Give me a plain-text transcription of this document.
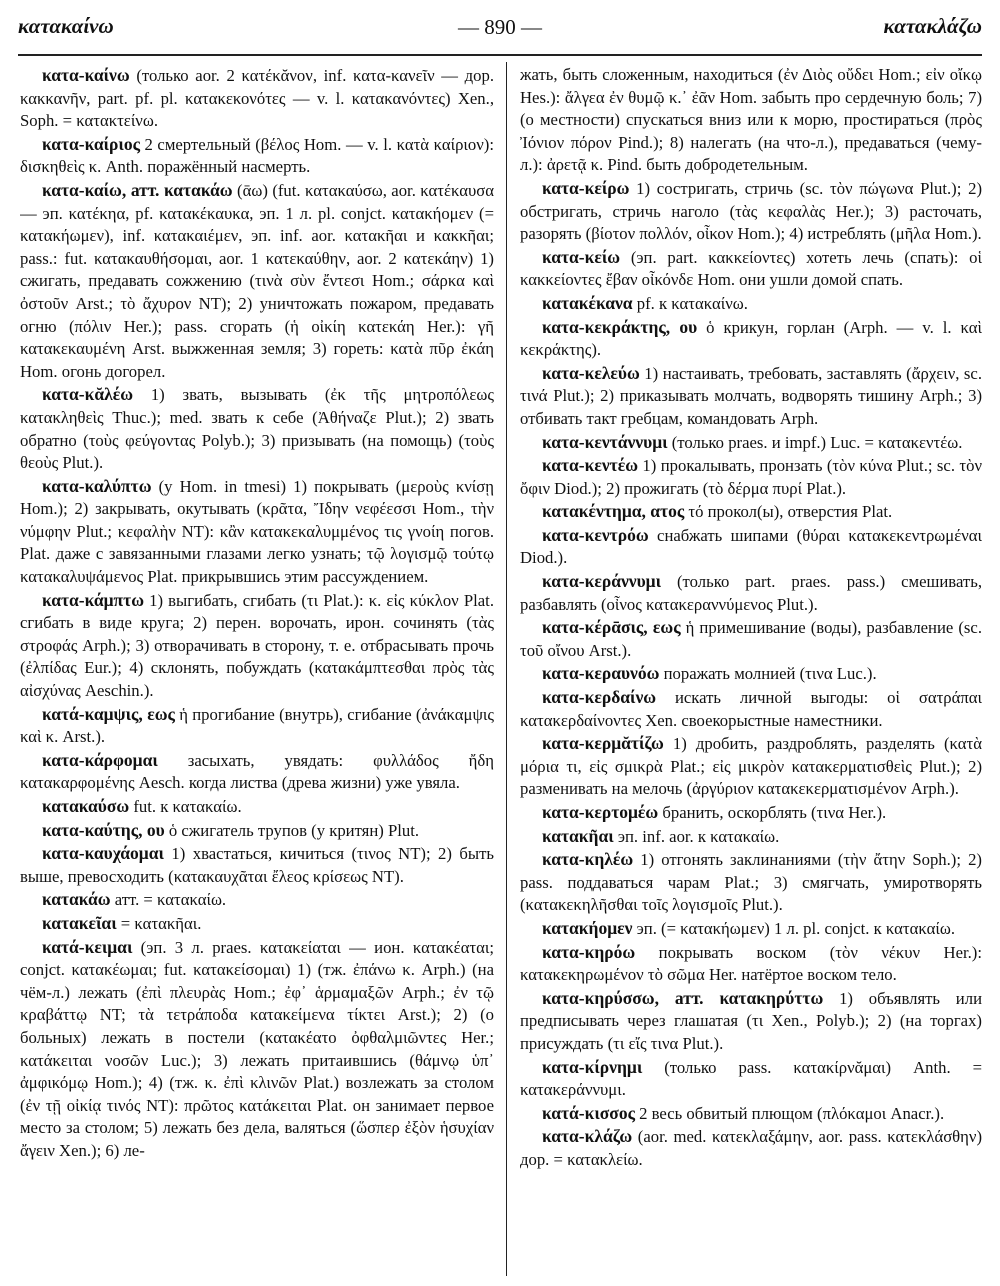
κατακαίνω	— 890 —	κατακλάζω

κατα-καίνω (только aor. 2 κατέκᾰνον, inf. κατα-κανεῖν — дор. κακκανῆν, part. pf. pl. κατακεκονότες — v. l. κατακανόντες) Xen., Soph. = κατακτείνω.

κατα-καίριος 2 смертельный (βέλος Hom. — v. l. κατὰ καίριον): δισκηθεὶς κ. Anth. поражённый насмерть.

κατα-καίω, атт. κατακάω (ᾱω) (fut. κατακαύσω, aor. κατέκαυσα — эп. κατέκηα, pf. κατακέκαυκα, эп. 1 л. pl. conjct. κατακήομεν (= κατακήωμεν), inf. κατακαιέμεν, эп. inf. aor. κατακῆαι и κακκῆαι; pass.: fut. κατακαυθήσομαι, aor. 1 κατεκαύθην, aor. 2 κατεκάην) 1) сжигать, предавать сожжению (τινὰ σὺν ἔντεσι Hom.; σάρκα καὶ ὀστοῦν Arst.; τὸ ἄχυρον NT); 2) уничтожать пожаром, предавать огню (πόλιν Her.); pass. сгорать (ἡ οἰκίη κατεκάη Her.): γῆ κατακεκαυμένη Arst. выжженная земля; 3) гореть: κατὰ πῦρ ἐκάη Hom. огонь догорел.

κατα-κᾰλέω 1) звать, вызывать (ἐκ τῆς μητροπόλεως κατακληθεὶς Thuc.); med. звать к себе (Ἀθήναζε Plut.); 2) звать обратно (τοὺς φεύγοντας Polyb.); 3) призывать (на помощь) (τοὺς θεοὺς Plut.).

κατα-καλύπτω (у Hom. in tmesi) 1) покрывать (μεροὺς κνίσῃ Hom.); 2) закрывать, окутывать (κρᾶτα, Ἴδην νεφέεσσι Hom., τὴν νύμφην Plut.; κεφαλὴν NT): κἂν κατακεκαλυμμένος τις γνοίη погов. Plat. даже с завязанными глазами легко узнать; τῷ λογισμῷ τούτῳ κατακαλυψάμενος Plat. прикрывшись этим рассуждением.

κατα-κάμπτω 1) выгибать, сгибать (τι Plat.): κ. εἰς κύκλον Plat. сгибать в виде круга; 2) перен. ворочать, ирон. сочинять (τὰς στροφάς Arph.); 3) отворачивать в сторону, т. е. отбрасывать прочь (ἐλπίδας Eur.); 4) склонять, побуждать (κατακάμπτεσθαι πρὸς τὰς αἰσχύνας Aeschin.).

κατά-καμψις, εως ἡ прогибание (внутрь), сгибание (ἀνάκαμψις καὶ κ. Arst.).

κατα-κάρφομαι засыхать, увядать: φυλλάδος ἤδη κατακαρφομένης Aesch. когда листва (древа жизни) уже увяла.

κατακαύσω fut. к κατακαίω.

κατα-καύτης, ου ὁ сжигатель трупов (у критян) Plut.

κατα-καυχάομαι 1) хвастаться, кичиться (τινος NT); 2) быть выше, превосходить (κατακαυχᾶται ἔλεος κρίσεως NT).

κατακάω атт. = κατακαίω.

κατακεῖαι = κατακῆαι.

κατά-κειμαι (эп. 3 л. praes. κατακείαται — ион. κατακέαται; conjct. κατακέωμαι; fut. κατακείσομαι) 1) (тж. ἐπάνω κ. Arph.) (на чём-л.) лежать (ἐπὶ πλευρὰς Hom.; ἐφ᾽ ἁρμαμαξῶν Arph.; ἐν τῷ κραβάττῳ NT; τὰ τετράποδα κατακείμενα τίκτει Arst.); 2) (о больных) лежать в постели (κατακέατο ὀφθαλμιῶντες Her.; κατάκειται νοσῶν Luc.); 3) лежать притаившись (θάμνῳ ὑπ᾽ ἀμφικόμῳ Hom.); 4) (тж. κ. ἐπὶ κλινῶν Plat.) возлежать за столом (ἐν τῇ οἰκίᾳ τινός NT): πρῶτος κατάκειται Plat. он занимает первое место за столом; 5) лежать без дела, валяться (ὥσπερ ἐξὸν ἡσυχίαν ἄγειν Xen.); 6) ле-

жать, быть сложенным, находиться (ἐν Διὸς οὔδει Hom.; εἰν οἴκῳ Hes.): ἄλγεα ἐν θυμῷ κ.᾽ ἐᾶν Hom. забыть про сердечную боль; 7) (о местности) спускаться вниз или к морю, простираться (πρὸς Ἰόνιον πόρον Pind.); 8) налегать (на что-л.), предаваться (чему-л.): ἀρετᾷ κ. Pind. быть добродетельным.

κατα-κείρω 1) состригать, стричь (sc. τὸν πώγωνα Plut.); 2) обстригать, стричь наголо (τὰς κεφαλὰς Her.); 3) расточать, разорять (βίοτον πολλόν, οἶκον Hom.); 4) истреблять (μῆλα Hom.).

κατα-κείω (эп. part. κακκείοντες) хотеть лечь (спать): οἱ κακκείοντες ἔβαν οἶκόνδε Hom. они ушли домой спать.

κατακέκανα pf. к κατακαίνω.

κατα-κεκράκτης, ου ὁ крикун, горлан (Arph. — v. l. καὶ κεκράκτης).

κατα-κελεύω 1) настаивать, требовать, заставлять (ἄρχειν, sc. τινά Plut.); 2) приказывать молчать, водворять тишину Arph.; 3) отбивать такт гребцам, командовать Arph.

κατα-κεντάννυμι (только praes. и impf.) Luc. = κατακεντέω.

κατα-κεντέω 1) прокалывать, пронзать (τὸν κύνα Plut.; sc. τὸν ὄφιν Diod.); 2) прожигать (τὸ δέρμα πυρί Plat.).

κατακέντημα, ατος τό прокол(ы), отверстия Plat.

κατα-κεντρόω снабжать шипами (θύραι κατακεκεντρωμέναι Diod.).

κατα-κεράννυμι (только part. praes. pass.) смешивать, разбавлять (οἶνος κατακεραννύμενος Plut.).

κατα-κέρᾱσις, εως ἡ примешивание (воды), разбавление (sc. τοῦ οἴνου Arst.).

κατα-κεραυνόω поражать молнией (τινα Luc.).

κατα-κερδαίνω искать личной выгоды: οἱ σατράπαι κατακερδαίνοντες Xen. своекорыстные наместники.

κατα-κερμᾰτίζω 1) дробить, раздроблять, разделять (κατὰ μόρια τι, εἰς σμικρὰ Plat.; εἰς μικρὸν κατακερματισθεὶς Plut.); 2) разменивать на мелочь (ἀργύριον κατακεκερματισμένον Arph.).

κατα-κερτομέω бранить, оскорблять (τινα Her.).

κατακῆαι эп. inf. aor. к κατακαίω.

κατα-κηλέω 1) отгонять заклинаниями (τὴν ἄτην Soph.); 2) pass. поддаваться чарам Plat.; 3) смягчать, умиротворять (κατακεκηλῆσθαι τοῖς λογισμοῖς Plut.).

κατακήομεν эп. (= κατακήωμεν) 1 л. pl. conjct. к κατακαίω.

κατα-κηρόω покрывать воском (τὸν νέκυν Her.): κατακεκηρωμένον τὸ σῶμα Her. натёртое воском тело.

κατα-κηρύσσω, атт. κατακηρύττω 1) объявлять или предписывать через глашатая (τι Xen., Polyb.); 2) (на торгах) присуждать (τι εἴς τινα Plut.).

κατα-κίρνημι (только pass. κατακίρνᾰμαι) Anth. = κατακεράννυμι.

κατά-κισσος 2 весь обвитый плющом (πλόκαμοι Anacr.).

κατα-κλάζω (aor. med. κατεκλαξάμην, aor. pass. κατεκλάσθην) дор. = κατακλείω.
